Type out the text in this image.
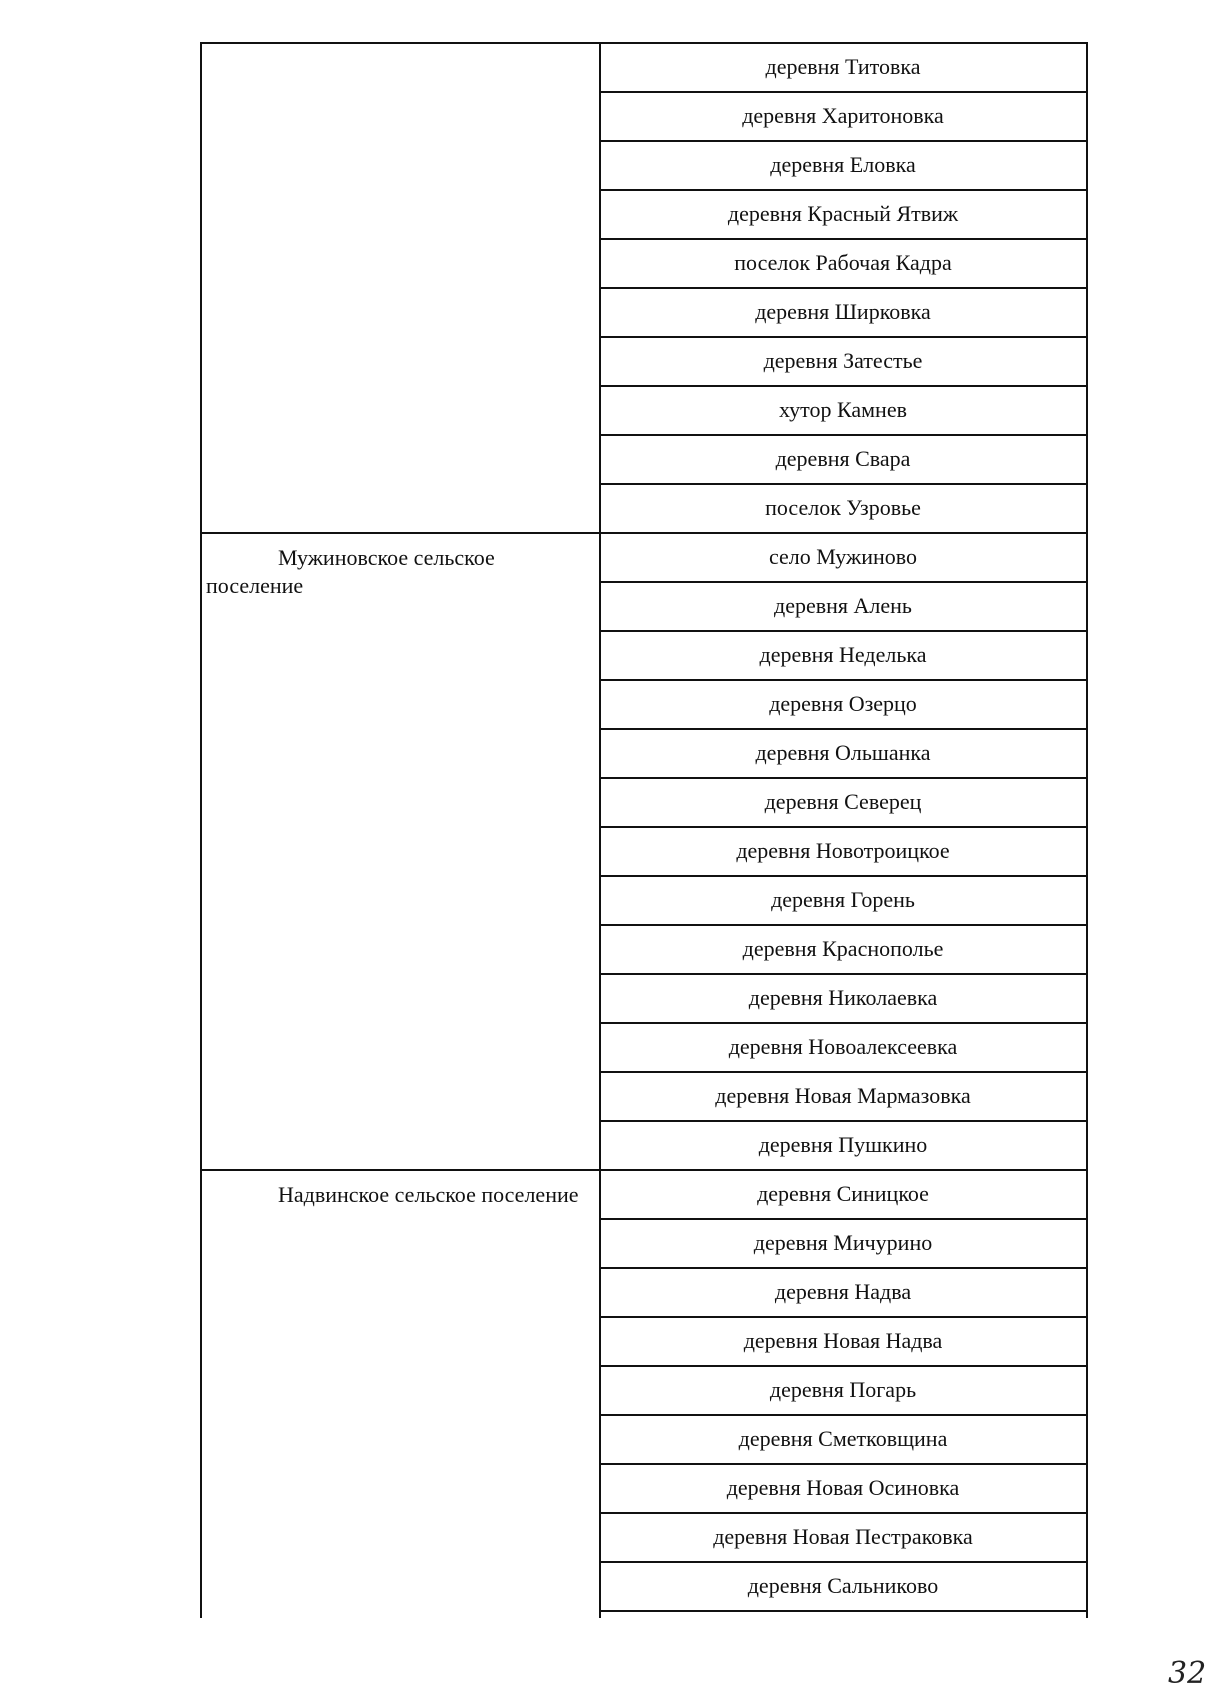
деревня Титовка
деревня Харитоновка
деревня Еловка
деревня Красный Ятвиж
поселок Рабочая Кадра
деревня Ширковка
деревня Затестье
хутор Камнев
деревня Свара
поселок Узровье
Мужиновское сельское поселение
село Мужиново
деревня Алень
деревня Неделька
деревня Озерцо
деревня Ольшанка
деревня Северец
деревня Новотроицкое
деревня Горень
деревня Краснополье
деревня Николаевка
деревня Новоалексеевка
деревня Новая Мармазовка
деревня Пушкино
Надвинское сельское поселение	деревня Синицкое
деревня Мичурино
деревня Надва
деревня Новая Надва
деревня Погарь
деревня Сметковщина
деревня Новая Осиновка
деревня Новая Пестраковка
деревня Сальниково
32
